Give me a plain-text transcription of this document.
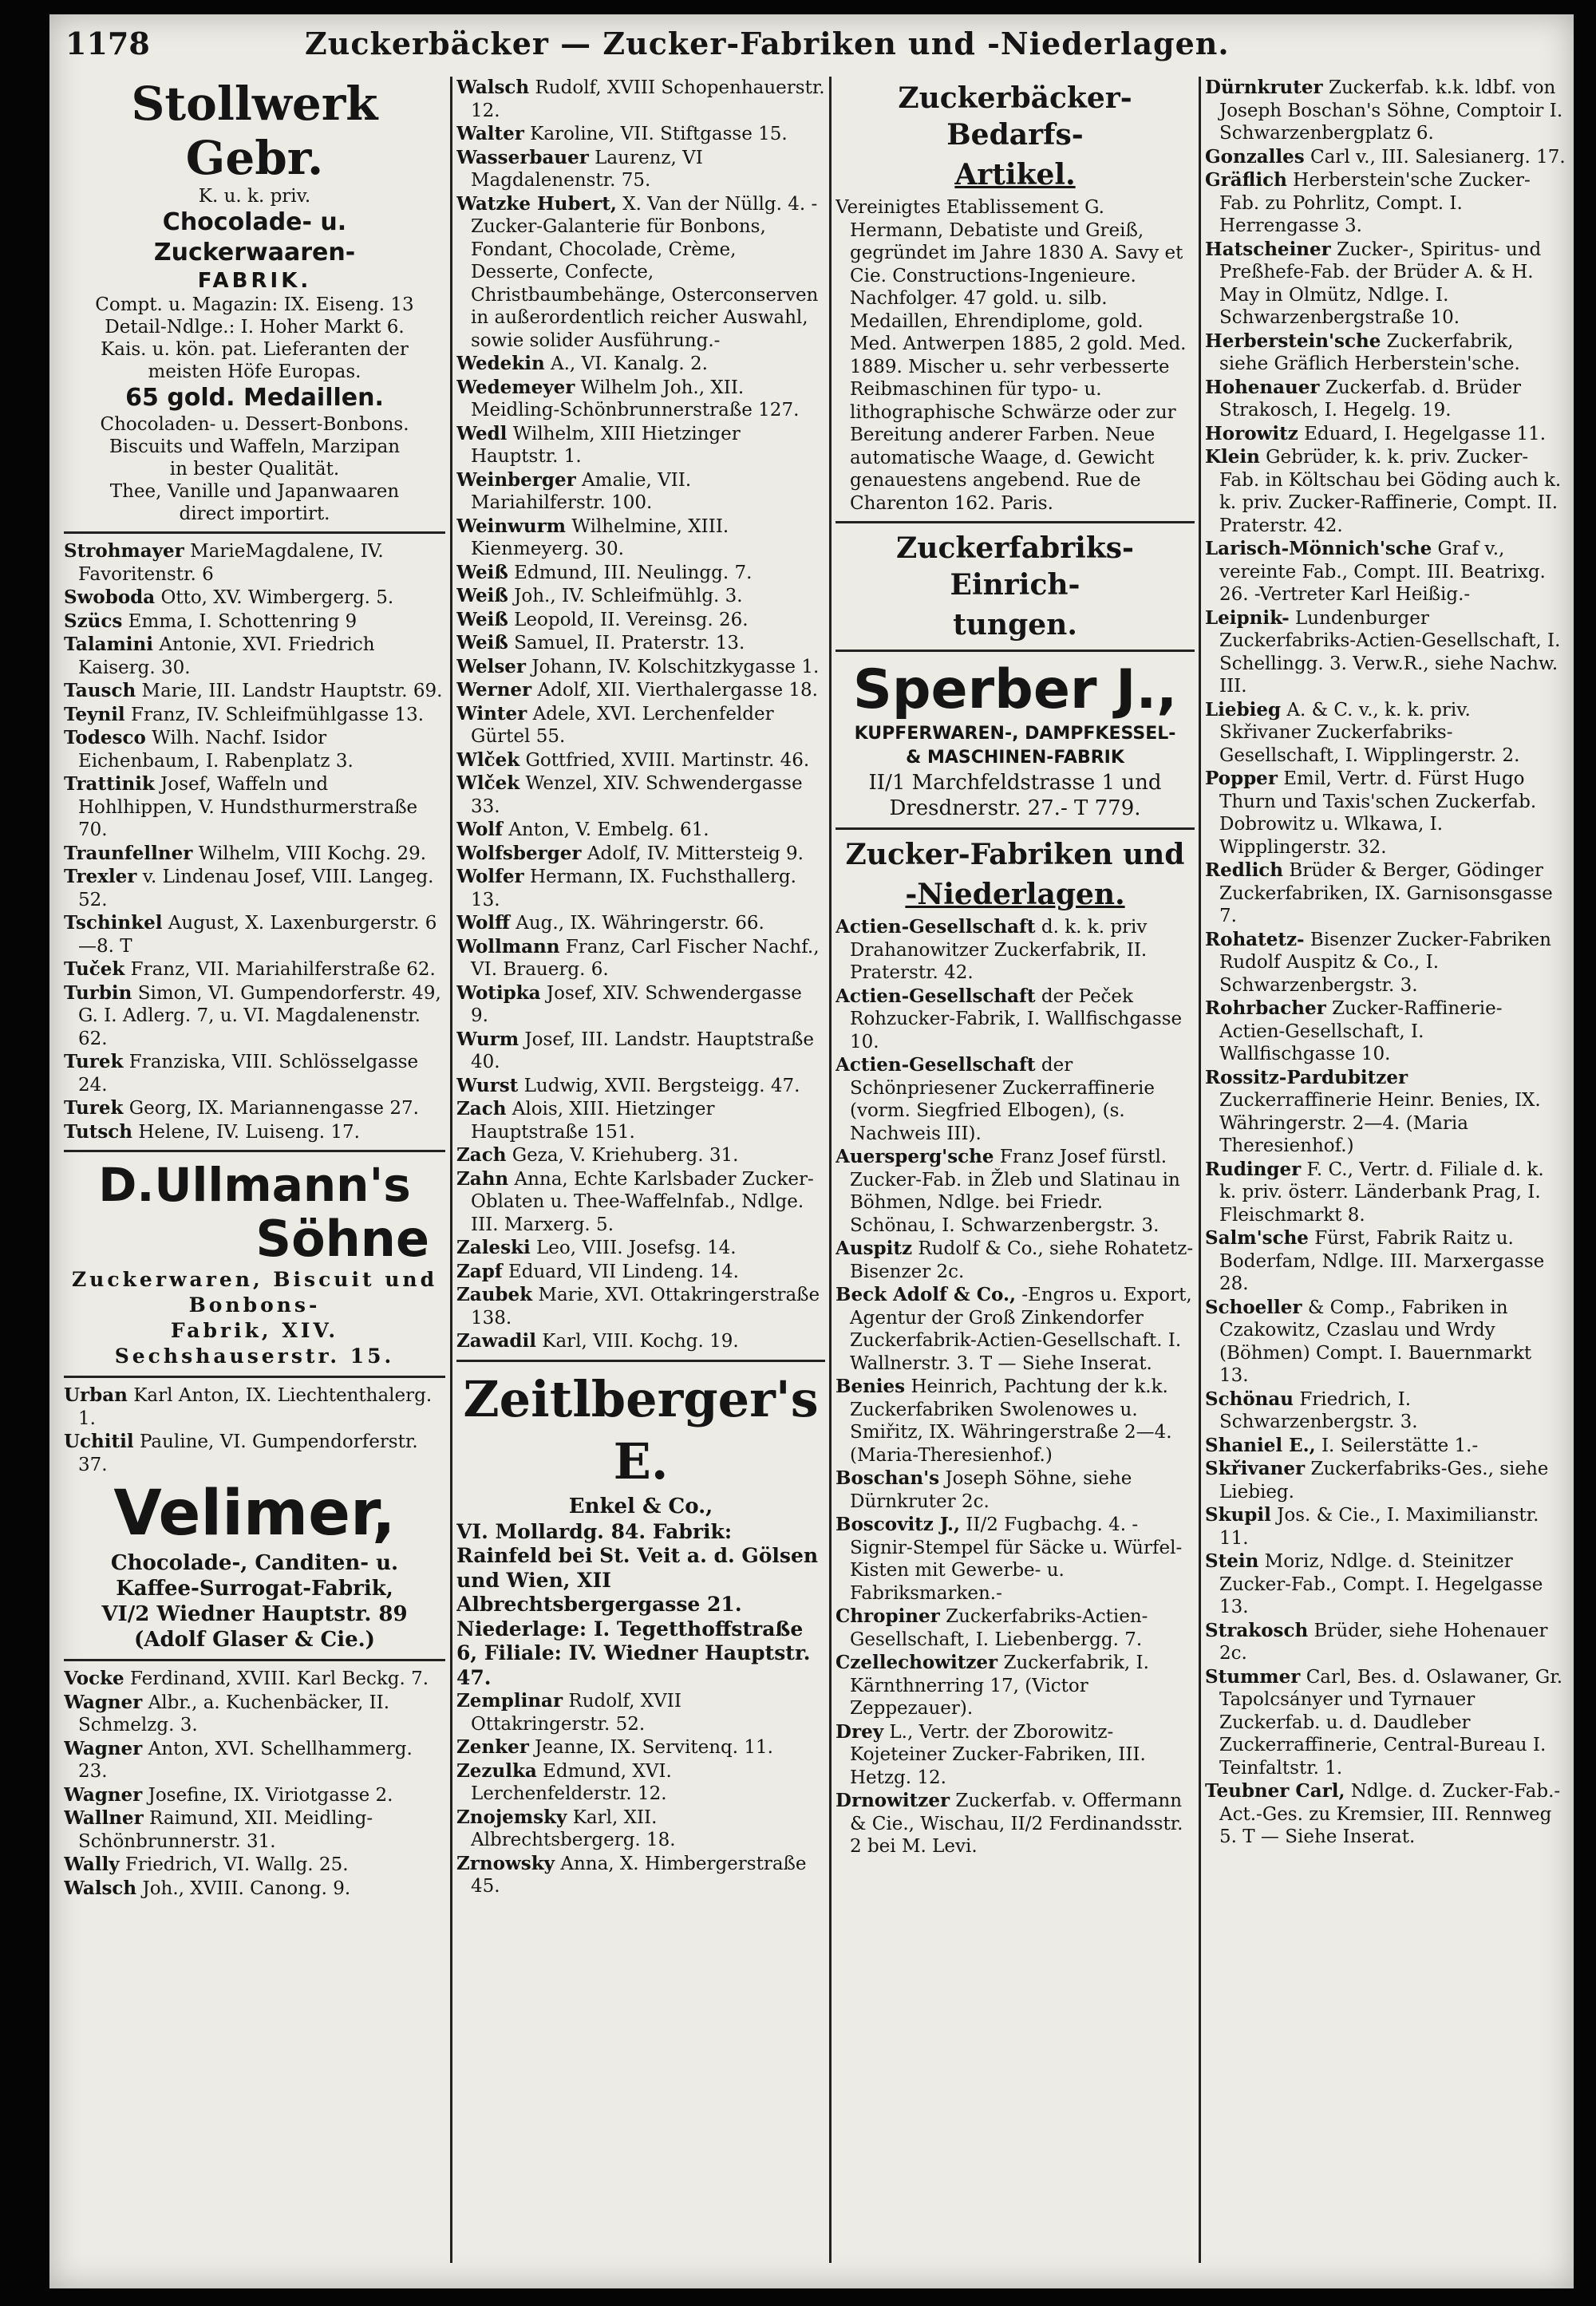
1178	Zuckerbäcker — Zucker-Fabriken und -Niederlagen.
Stollwerk Gebr.
K. u. k. priv.
Chocolade- u. Zuckerwaaren-
FABRIK.
Compt. u. Magazin: IX. Eiseng. 13
Detail-Ndlge.: I. Hoher Markt 6.
Kais. u. kön. pat. Lieferanten der
meisten Höfe Europas.
65 gold. Medaillen.
Chocoladen- u. Dessert-Bonbons.
Biscuits und Waffeln, Marzipan
in bester Qualität.
Thee, Vanille und Japanwaaren
direct importirt.

Strohmayer MarieMagdalene, IV. Favoritenstr. 6

Swoboda Otto, XV. Wimbergerg. 5.

Szücs Emma, I. Schottenring 9

Talamini Antonie, XVI. Friedrich Kaiserg. 30.

Tausch Marie, III. Landstr Hauptstr. 69.

Teynil Franz, IV. Schleifmühlgasse 13.

Todesco Wilh. Nachf. Isidor Eichenbaum, I. Rabenplatz 3.

Trattinik Josef, Waffeln und Hohlhippen, V. Hundsthurmerstraße 70.

Traunfellner Wilhelm, VIII Kochg. 29.

Trexler v. Lindenau Josef, VIII. Langeg. 52.

Tschinkel August, X. Laxenburgerstr. 6—8. T

Tuček Franz, VII. Mariahilferstraße 62.

Turbin Simon, VI. Gumpendorferstr. 49, G. I. Adlerg. 7, u. VI. Magdalenenstr. 62.

Turek Franziska, VIII. Schlösselgasse 24.

Turek Georg, IX. Mariannengasse 27.

Tutsch Helene, IV. Luiseng. 17.

D.Ullmann's
Söhne
Zuckerwaren, Biscuit und Bonbons-
Fabrik, XIV. Sechshauserstr. 15.

Urban Karl Anton, IX. Liechtenthalerg. 1.

Uchitil Pauline, VI. Gumpendorferstr. 37.

Velimer,
Chocolade-, Canditen- u.
Kaffee-Surrogat-Fabrik,
VI/2 Wiedner Hauptstr. 89
(Adolf Glaser & Cie.)

Vocke Ferdinand, XVIII. Karl Beckg. 7.

Wagner Albr., a. Kuchenbäcker, II. Schmelzg. 3.

Wagner Anton, XVI. Schellhammerg. 23.

Wagner Josefine, IX. Viriotgasse 2.

Wallner Raimund, XII. Meidling-Schönbrunnerstr. 31.

Wally Friedrich, VI. Wallg. 25.

Walsch Joh., XVIII. Canong. 9.

Walsch Rudolf, XVIII Schopenhauerstr. 12.

Walter Karoline, VII. Stiftgasse 15.

Wasserbauer Laurenz, VI Magdalenenstr. 75.

Watzke Hubert, X. Van der Nüllg. 4. -Zucker-Galanterie für Bonbons, Fondant, Chocolade, Crème, Desserte, Confecte, Christbaumbehänge, Osterconserven in außerordentlich reicher Auswahl, sowie solider Ausführung.-

Wedekin A., VI. Kanalg. 2.

Wedemeyer Wilhelm Joh., XII. Meidling-Schönbrunnerstraße 127.

Wedl Wilhelm, XIII Hietzinger Hauptstr. 1.

Weinberger Amalie, VII. Mariahilferstr. 100.

Weinwurm Wilhelmine, XIII. Kienmeyerg. 30.

Weiß Edmund, III. Neulingg. 7.

Weiß Joh., IV. Schleifmühlg. 3.

Weiß Leopold, II. Vereinsg. 26.

Weiß Samuel, II. Praterstr. 13.

Welser Johann, IV. Kolschitzkygasse 1.

Werner Adolf, XII. Vierthalergasse 18.

Winter Adele, XVI. Lerchenfelder Gürtel 55.

Wlček Gottfried, XVIII. Martinstr. 46.

Wlček Wenzel, XIV. Schwendergasse 33.

Wolf Anton, V. Embelg. 61.

Wolfsberger Adolf, IV. Mittersteig 9.

Wolfer Hermann, IX. Fuchsthallerg. 13.

Wolff Aug., IX. Währingerstr. 66.

Wollmann Franz, Carl Fischer Nachf., VI. Brauerg. 6.

Wotipka Josef, XIV. Schwendergasse 9.

Wurm Josef, III. Landstr. Hauptstraße 40.

Wurst Ludwig, XVII. Bergsteigg. 47.

Zach Alois, XIII. Hietzinger Hauptstraße 151.

Zach Geza, V. Kriehuberg. 31.

Zahn Anna, Echte Karlsbader Zucker-Oblaten u. Thee-Waffelnfab., Ndlge. III. Marxerg. 5.

Zaleski Leo, VIII. Josefsg. 14.

Zapf Eduard, VII Lindeng. 14.

Zaubek Marie, XVI. Ottakringerstraße 138.

Zawadil Karl, VIII. Kochg. 19.

Zeitlberger's E.
Enkel & Co.,
VI. Mollardg. 84. Fabrik: Rainfeld bei St. Veit a. d. Gölsen und Wien, XII Albrechtsbergergasse 21. Niederlage: I. Tegetthoffstraße 6, Filiale: IV. Wiedner Hauptstr. 47.

Zemplinar Rudolf, XVII Ottakringerstr. 52.

Zenker Jeanne, IX. Servitenq. 11.

Zezulka Edmund, XVI. Lerchenfelderstr. 12.

Znojemsky Karl, XII. Albrechtsbergerg. 18.

Zrnowsky Anna, X. Himbergerstraße 45.

Zuckerbäcker-Bedarfs-
Artikel.

Vereinigtes Etablissement G. Hermann, Debatiste und Greiß, gegründet im Jahre 1830 A. Savy et Cie. Constructions-Ingenieure. Nachfolger. 47 gold. u. silb. Medaillen, Ehrendiplome, gold. Med. Antwerpen 1885, 2 gold. Med. 1889. Mischer u. sehr verbesserte Reibmaschinen für typo- u. lithographische Schwärze oder zur Bereitung anderer Farben. Neue automatische Waage, d. Gewicht genauestens angebend. Rue de Charenton 162. Paris.

Zuckerfabriks-Einrich-
tungen.
Sperber J.,
KUPFERWAREN-, DAMPFKESSEL-
& MASCHINEN-FABRIK
II/1 Marchfeldstrasse 1 und
Dresdnerstr. 27.- T 779.
Zucker-Fabriken und
-Niederlagen.

Actien-Gesellschaft d. k. k. priv Drahanowitzer Zuckerfabrik, II. Praterstr. 42.

Actien-Gesellschaft der Peček Rohzucker-Fabrik, I. Wallfischgasse 10.

Actien-Gesellschaft der Schönpriesener Zuckerraffinerie (vorm. Siegfried Elbogen), (s. Nachweis III).

Auersperg'sche Franz Josef fürstl. Zucker-Fab. in Žleb und Slatinau in Böhmen, Ndlge. bei Friedr. Schönau, I. Schwarzenbergstr. 3.

Auspitz Rudolf & Co., siehe Rohatetz-Bisenzer 2c.

Beck Adolf & Co., -Engros u. Export, Agentur der Groß Zinkendorfer Zuckerfabrik-Actien-Gesellschaft. I. Wallnerstr. 3. T — Siehe Inserat.

Benies Heinrich, Pachtung der k.k. Zuckerfabriken Swolenowes u. Smiřitz, IX. Währingerstraße 2—4. (Maria-Theresienhof.)

Boschan's Joseph Söhne, siehe Dürnkruter 2c.

Boscovitz J., II/2 Fugbachg. 4. -Signir-Stempel für Säcke u. Würfel-Kisten mit Gewerbe- u. Fabriksmarken.-

Chropiner Zuckerfabriks-Actien-Gesellschaft, I. Liebenbergg. 7.

Czellechowitzer Zuckerfabrik, I. Kärnthnerring 17, (Victor Zeppezauer).

Drey L., Vertr. der Zborowitz-Kojeteiner Zucker-Fabriken, III. Hetzg. 12.

Drnowitzer Zuckerfab. v. Offermann & Cie., Wischau, II/2 Ferdinandsstr. 2 bei M. Levi.

Dürnkruter Zuckerfab. k.k. ldbf. von Joseph Boschan's Söhne, Comptoir I. Schwarzenbergplatz 6.

Gonzalles Carl v., III. Salesianerg. 17.

Gräflich Herberstein'sche Zucker-Fab. zu Pohrlitz, Compt. I. Herrengasse 3.

Hatscheiner Zucker-, Spiritus- und Preßhefe-Fab. der Brüder A. & H. May in Olmütz, Ndlge. I. Schwarzenbergstraße 10.

Herberstein'sche Zuckerfabrik, siehe Gräflich Herberstein'sche.

Hohenauer Zuckerfab. d. Brüder Strakosch, I. Hegelg. 19.

Horowitz Eduard, I. Hegelgasse 11.

Klein Gebrüder, k. k. priv. Zucker-Fab. in Költschau bei Göding auch k. k. priv. Zucker-Raffinerie, Compt. II. Praterstr. 42.

Larisch-Mönnich'sche Graf v., vereinte Fab., Compt. III. Beatrixg. 26. -Vertreter Karl Heißig.-

Leipnik- Lundenburger Zuckerfabriks-Actien-Gesellschaft, I. Schellingg. 3. Verw.R., siehe Nachw. III.

Liebieg A. & C. v., k. k. priv. Skřivaner Zuckerfabriks-Gesellschaft, I. Wipplingerstr. 2.

Popper Emil, Vertr. d. Fürst Hugo Thurn und Taxis'schen Zuckerfab. Dobrowitz u. Wlkawa, I. Wipplingerstr. 32.

Redlich Brüder & Berger, Gödinger Zuckerfabriken, IX. Garnisonsgasse 7.

Rohatetz- Bisenzer Zucker-Fabriken Rudolf Auspitz & Co., I. Schwarzenbergstr. 3.

Rohrbacher Zucker-Raffinerie-Actien-Gesellschaft, I. Wallfischgasse 10.

Rossitz-Pardubitzer Zuckerraffinerie Heinr. Benies, IX. Währingerstr. 2—4. (Maria Theresienhof.)

Rudinger F. C., Vertr. d. Filiale d. k. k. priv. österr. Länderbank Prag, I. Fleischmarkt 8.

Salm'sche Fürst, Fabrik Raitz u. Boderfam, Ndlge. III. Marxergasse 28.

Schoeller & Comp., Fabriken in Czakowitz, Czaslau und Wrdy (Böhmen) Compt. I. Bauernmarkt 13.

Schönau Friedrich, I. Schwarzenbergstr. 3.

Shaniel E., I. Seilerstätte 1.-

Skřivaner Zuckerfabriks-Ges., siehe Liebieg.

Skupil Jos. & Cie., I. Maximilianstr. 11.

Stein Moriz, Ndlge. d. Steinitzer Zucker-Fab., Compt. I. Hegelgasse 13.

Strakosch Brüder, siehe Hohenauer 2c.

Stummer Carl, Bes. d. Oslawaner, Gr. Tapolcsányer und Tyrnauer Zuckerfab. u. d. Daudleber Zuckerraffinerie, Central-Bureau I. Teinfaltstr. 1.

Teubner Carl, Ndlge. d. Zucker-Fab.-Act.-Ges. zu Kremsier, III. Rennweg 5. T — Siehe Inserat.
